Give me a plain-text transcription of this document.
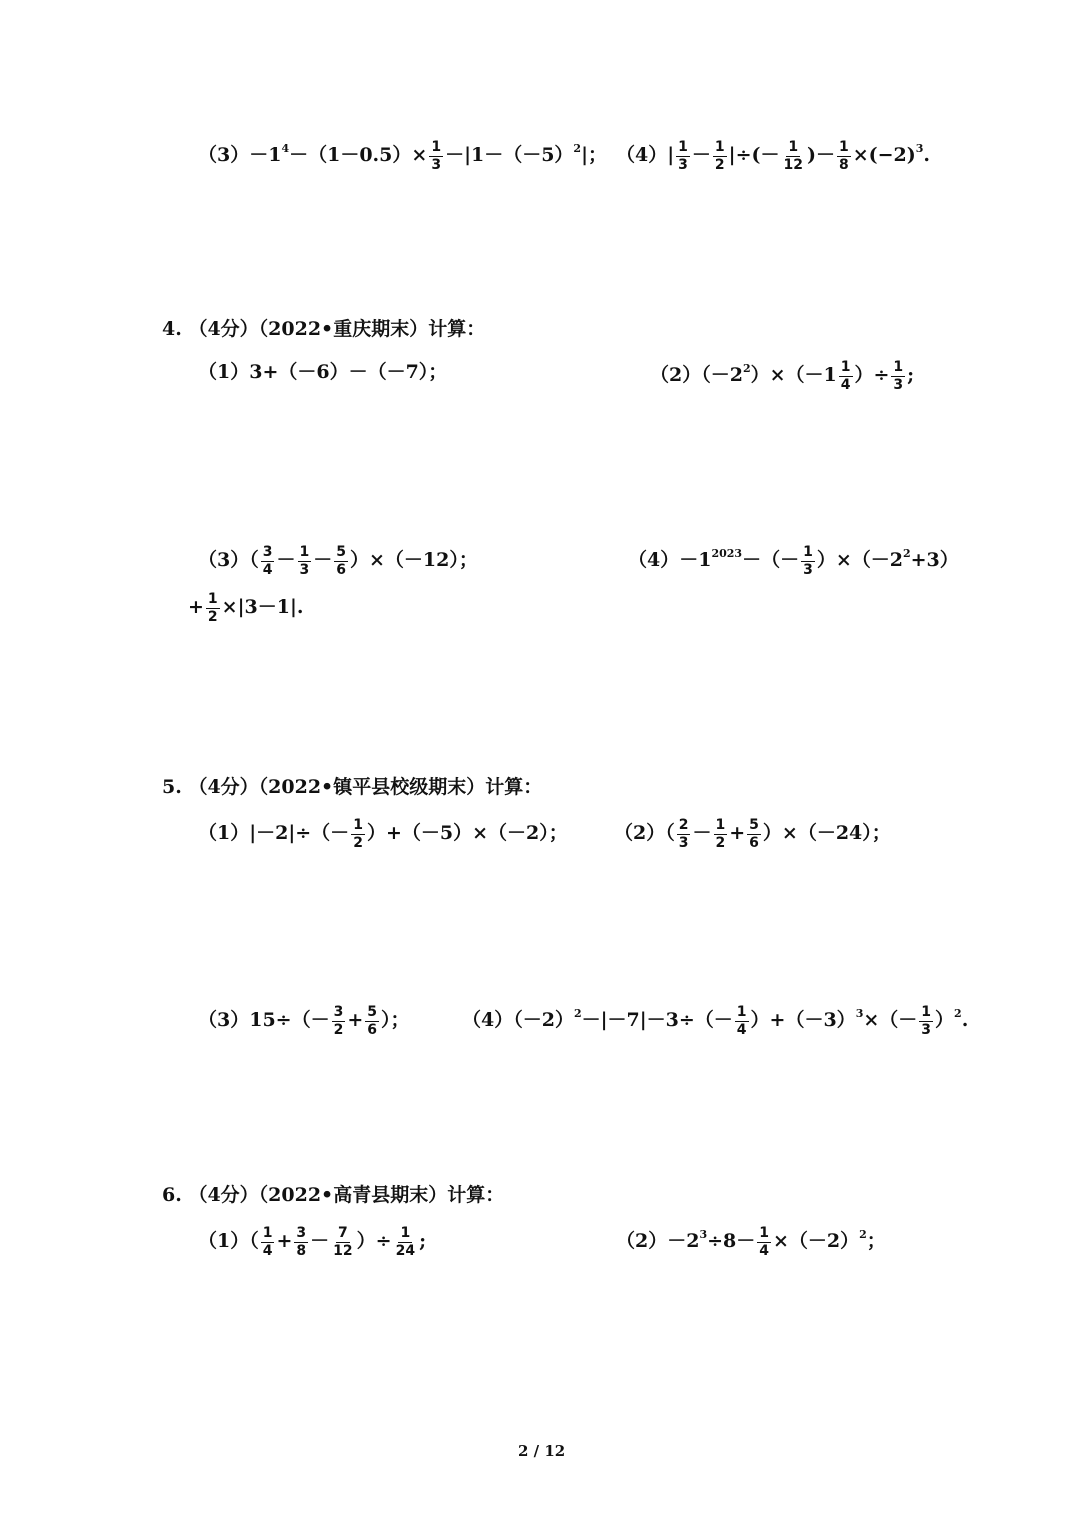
$(3)-1^4-(1-0.5)\times \frac{1}{3} -|1-(-5)^2|$； $(4)| \frac{1}{3} - \frac{1}{2}$ |÷(－ $\frac{1}{12}$ )－ $\frac{1}{8} \times(-2)^3$.
4. （4分）（2022•重庆期末）计算：
（1）3+（－6）－（－7）；	$(2)(-2^2)\times(-1 \frac{1}{4}$ ）÷ $\frac{1}{3}$ ;
$(3)( \frac{3}{4} - \frac{1}{3} - \frac{5}{6} )\times(-12)$；	$(4)-1^{2023}-(- \frac{1}{3} )\times(-2^2+3)$
+ $\frac{1}{2} \times|3-1|$.
5. （4分）（2022•镇平县校级期末）计算：
$(1)|-2|\div(- \frac{1}{2} )+(-5)\times(-2)$； $(2)( \frac{2}{3} - \frac{1}{2} + \frac{5}{6} )\times(-24)$；
$(3)15\div(- \frac{3}{2} + \frac{5}{6}$ ）；	$(4)(-2)^2-|-7|-3\div(- \frac{1}{4} )+(-3)^3\times(- \frac{1}{3} )^2$.
6. （4分）（2022•高青县期末）计算：
$(1)( \frac{1}{4} + \frac{3}{8} - \frac{7}{12}$ ）÷ $\frac{1}{24}$ ;	$(2)-2^3\div 8- \frac{1}{4} \times(-2)^2$；
2 / 12
